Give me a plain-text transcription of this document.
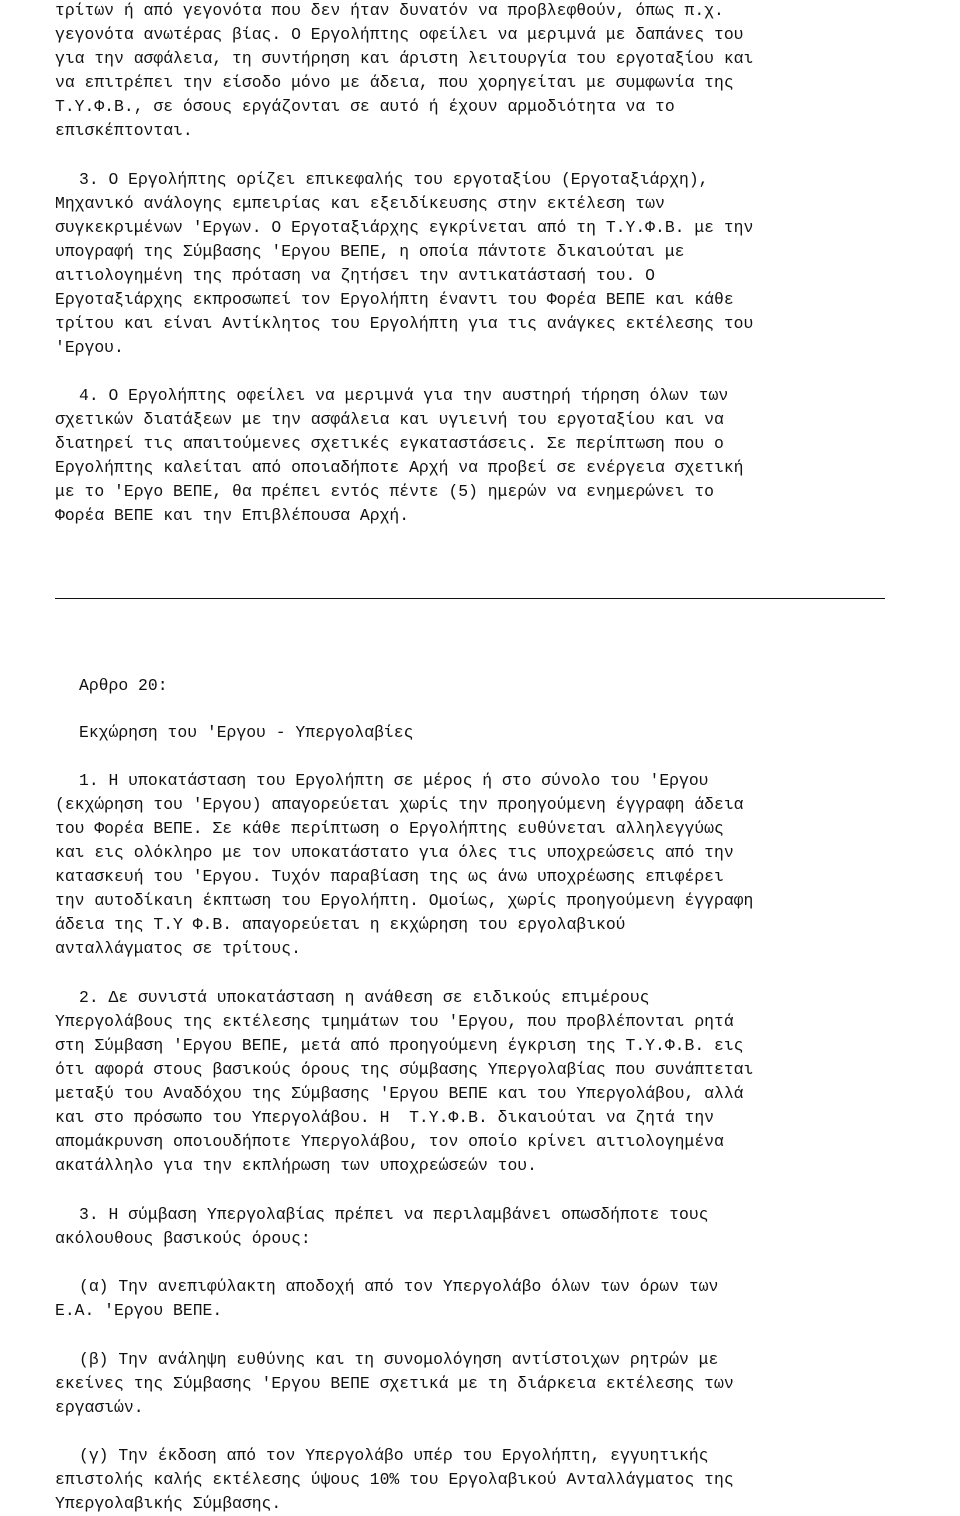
τρίτων ή από γεγονότα που δεν ήταν δυνατόν να προβλεφθούν, όπως π.χ.
γεγονότα ανωτέρας βίας. Ο Εργολήπτης οφείλει να μεριμνά με δαπάνες του
για την ασφάλεια, τη συντήρηση και άριστη λειτουργία του εργοταξίου και
να επιτρέπει την είσοδο μόνο με άδεια, που χορηγείται με συμφωνία της
Τ.Υ.Φ.Β., σε όσους εργάζονται σε αυτό ή έχουν αρμοδιότητα να το
επισκέπτονται.
3. Ο Εργολήπτης ορίζει επικεφαλής του εργοταξίου (Εργοταξιάρχη),
Μηχανικό ανάλογης εμπειρίας και εξειδίκευσης στην εκτέλεση των
συγκεκριμένων 'Εργων. Ο Εργοταξιάρχης εγκρίνεται από τη Τ.Υ.Φ.Β. με την
υπογραφή της Σύμβασης 'Εργου ΒΕΠΕ, η οποία πάντοτε δικαιούται με
αιτιολογημένη της πρόταση να ζητήσει την αντικατάστασή του. Ο
Εργοταξιάρχης εκπροσωπεί τον Εργολήπτη έναντι του Φορέα ΒΕΠΕ και κάθε
τρίτου και είναι Αντίκλητος του Εργολήπτη για τις ανάγκες εκτέλεσης του
'Εργου.
4. Ο Εργολήπτης οφείλει να μεριμνά για την αυστηρή τήρηση όλων των
σχετικών διατάξεων με την ασφάλεια και υγιεινή του εργοταξίου και να
διατηρεί τις απαιτούμενες σχετικές εγκαταστάσεις. Σε περίπτωση που ο
Εργολήπτης καλείται από οποιαδήποτε Αρχή να προβεί σε ενέργεια σχετική
με το 'Εργο ΒΕΠΕ, θα πρέπει εντός πέντε (5) ημερών να ενημερώνει το
Φορέα ΒΕΠΕ και την Επιβλέπουσα Αρχή.
Αρθρο 20:
Εκχώρηση του 'Εργου - Υπεργολαβίες
1. Η υποκατάσταση του Εργολήπτη σε μέρος ή στο σύνολο του 'Εργου
(εκχώρηση του 'Εργου) απαγορεύεται χωρίς την προηγούμενη έγγραφη άδεια
του Φορέα ΒΕΠΕ. Σε κάθε περίπτωση ο Εργολήπτης ευθύνεται αλληλεγγύως
και εις ολόκληρο με τον υποκατάστατο για όλες τις υποχρεώσεις από την
κατασκευή του 'Εργου. Τυχόν παραβίαση της ως άνω υποχρέωσης επιφέρει
την αυτοδίκαιη έκπτωση του Εργολήπτη. Ομοίως, χωρίς προηγούμενη έγγραφη
άδεια της Τ.Υ Φ.Β. απαγορεύεται η εκχώρηση του εργολαβικού
ανταλλάγματος σε τρίτους.
2. Δε συνιστά υποκατάσταση η ανάθεση σε ειδικούς επιμέρους
Υπεργολάβους της εκτέλεσης τμημάτων του 'Εργου, που προβλέπονται ρητά
στη Σύμβαση 'Εργου ΒΕΠΕ, μετά από προηγούμενη έγκριση της Τ.Υ.Φ.Β. εις
ότι αφορά στους βασικούς όρους της σύμβασης Υπεργολαβίας που συνάπτεται
μεταξύ του Αναδόχου της Σύμβασης 'Εργου ΒΕΠΕ και του Υπεργολάβου, αλλά
και στο πρόσωπο του Υπεργολάβου. Η  Τ.Υ.Φ.Β. δικαιούται να ζητά την
απομάκρυνση οποιουδήποτε Υπεργολάβου, τον οποίο κρίνει αιτιολογημένα
ακατάλληλο για την εκπλήρωση των υποχρεώσεών του.
3. Η σύμβαση Υπεργολαβίας πρέπει να περιλαμβάνει οπωσδήποτε τους
ακόλουθους βασικούς όρους:
(α) Την ανεπιφύλακτη αποδοχή από τον Υπεργολάβο όλων των όρων των
Ε.Α. 'Εργου ΒΕΠΕ.
(β) Την ανάληψη ευθύνης και τη συνομολόγηση αντίστοιχων ρητρών με
εκείνες της Σύμβασης 'Εργου ΒΕΠΕ σχετικά με τη διάρκεια εκτέλεσης των
εργασιών.
(γ) Την έκδοση από τον Υπεργολάβο υπέρ του Εργολήπτη, εγγυητικής
επιστολής καλής εκτέλεσης ύψους 10% του Εργολαβικού Ανταλλάγματος της
Υπεργολαβικής Σύμβασης.
